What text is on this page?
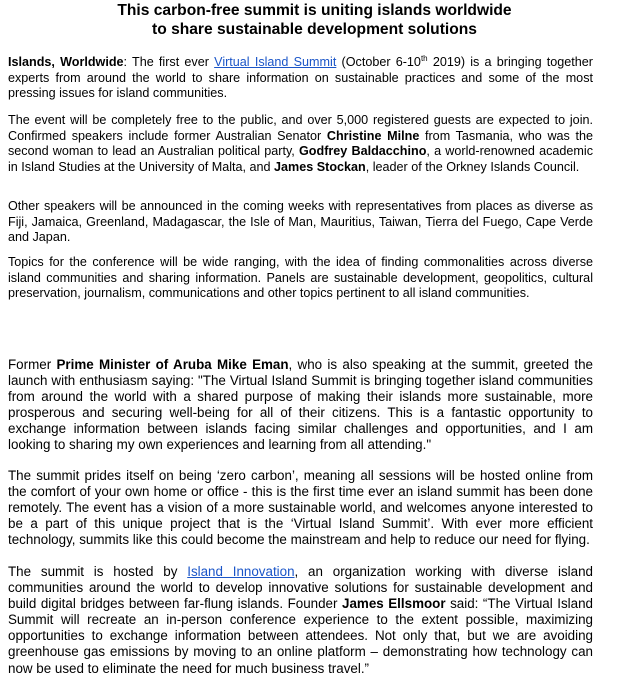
This carbon-free summit is uniting islands worldwide
to share sustainable development solutions

Islands, Worldwide: The first ever Virtual Island Summit (October 6-10th 2019) is a bringing together experts from around the world to share information on sustainable practices and some of the most pressing issues for island communities.

The event will be completely free to the public, and over 5,000 registered guests are expected to join. Confirmed speakers include former Australian Senator Christine Milne from Tasmania, who was the second woman to lead an Australian political party, Godfrey Baldacchino, a world-renowned academic in Island Studies at the University of Malta, and James Stockan, leader of the Orkney Islands Council.

Other speakers will be announced in the coming weeks with representatives from places as diverse as Fiji, Jamaica, Greenland, Madagascar, the Isle of Man, Mauritius, Taiwan, Tierra del Fuego, Cape Verde and Japan.

Topics for the conference will be wide ranging, with the idea of finding commonalities across diverse island communities and sharing information. Panels are sustainable development, geopolitics, cultural preservation, journalism, communications and other topics pertinent to all island communities.

Former Prime Minister of Aruba Mike Eman, who is also speaking at the summit, greeted the launch with enthusiasm saying: "The Virtual Island Summit is bringing together island communities from around the world with a shared purpose of making their islands more sustainable, more prosperous and securing well-being for all of their citizens. This is a fantastic opportunity to exchange information between islands facing similar challenges and opportunities, and I am looking to sharing my own experiences and learning from all attending."

The summit prides itself on being ‘zero carbon’, meaning all sessions will be hosted online from the comfort of your own home or office - this is the first time ever an island summit has been done remotely. The event has a vision of a more sustainable world, and welcomes anyone interested to be a part of this unique project that is the ‘Virtual Island Summit’. With ever more efficient technology, summits like this could become the mainstream and help to reduce our need for flying.

The summit is hosted by Island Innovation, an organization working with diverse island communities around the world to develop innovative solutions for sustainable development and build digital bridges between far-flung islands. Founder James Ellsmoor said: “The Virtual Island Summit will recreate an in-person conference experience to the extent possible, maximizing opportunities to exchange information between attendees. Not only that, but we are avoiding greenhouse gas emissions by moving to an online platform – demonstrating how technology can now be used to eliminate the need for much business travel.”
